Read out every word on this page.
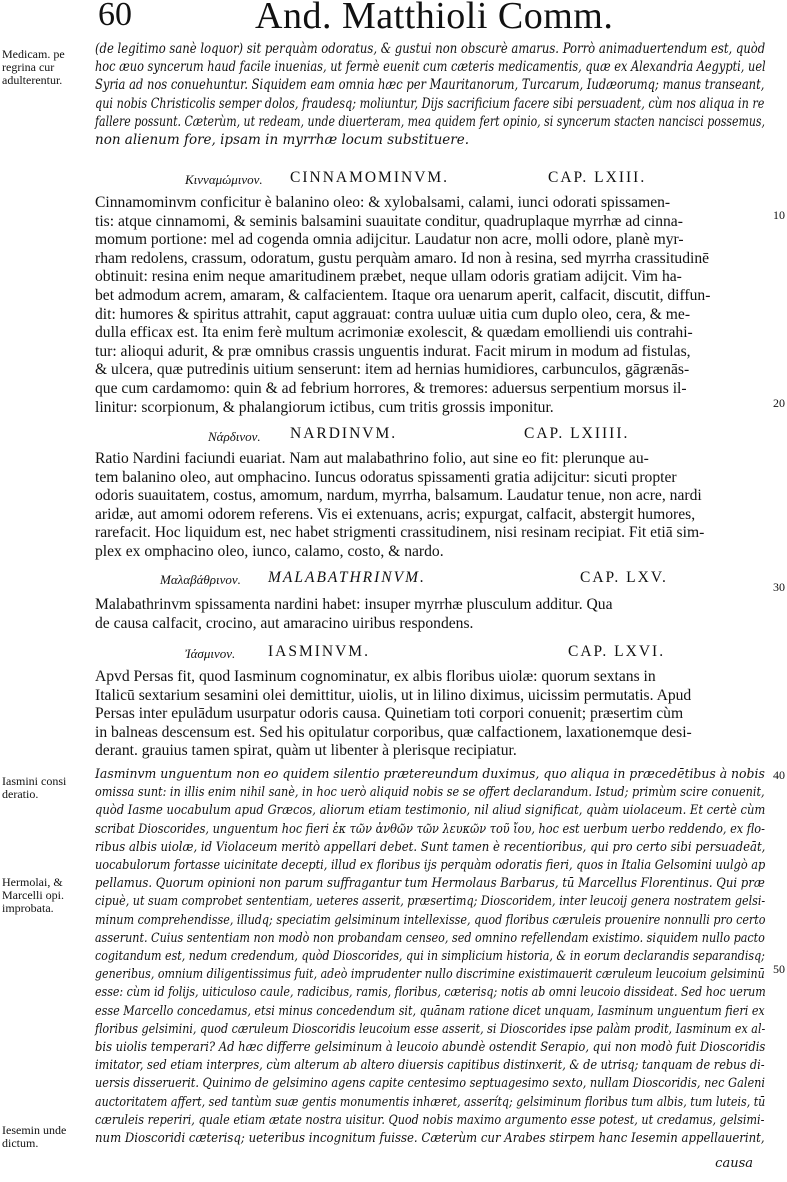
60	And. Matthioli Comm.
Medicam. pe regrina cur adulterentur.
Iasmini consi deratio.
Hermolai, & Marcelli opi. improbata.
Iesemin unde dictum.
10
20
30
40
50
(de legitimo sanè loquor) sit perquàm odoratus, & gustui non obscurè amarus. Porrò animaduertendum est, quòd
hoc æuo syncerum haud facile inuenias, ut fermè euenit cum cæteris medicamentis, quæ ex Alexandria Aegypti, uel
Syria ad nos conuehuntur. Siquidem eam omnia hæc per Mauritanorum, Turcarum, Iudæorumq; manus transeant,
qui nobis Christicolis semper dolos, fraudesq; moliuntur, Dijs sacrificium facere sibi persuadent, cùm nos aliqua in re
fallere possunt. Cæterùm, ut redeam, unde diuerteram, mea quidem fert opinio, si syncerum stacten nancisci possemus,
non alienum fore, ipsam in myrrhæ locum substituere.
Κινναμώμινον. CINNAMOMINVM.	CAP. LXIII.
Cinnamominvm conficitur è balanino oleo: & xylobalsami, calami, iunci odorati spissamen-
tis: atque cinnamomi, & seminis balsamini suauitate conditur, quadruplaque myrrhæ ad cinna-
momum portione: mel ad cogenda omnia adijcitur. Laudatur non acre, molli odore, planè myr-
rham redolens, crassum, odoratum, gustu perquàm amaro. Id non à resina, sed myrrha crassitudinē
obtinuit: resina enim neque amaritudinem præbet, neque ullam odoris gratiam adijcit. Vim ha-
bet admodum acrem, amaram, & calfacientem. Itaque ora uenarum aperit, calfacit, discutit, diffun-
dit: humores & spiritus attrahit, caput aggrauat: contra uuluæ uitia cum duplo oleo, cera, & me-
dulla efficax est. Ita enim ferè multum acrimoniæ exolescit, & quædam emolliendi uis contrahi-
tur: alioqui adurit, & præ omnibus crassis unguentis indurat. Facit mirum in modum ad fistulas,
& ulcera, quæ putredinis uitium senserunt: item ad hernias humidiores, carbunculos, gāgrænās-
que cum cardamomo: quin & ad febrium horrores, & tremores: aduersus serpentium morsus il-
linitur: scorpionum, & phalangiorum ictibus, cum tritis grossis imponitur.
Νάρδινον. NARDINVM.	CAP. LXIIII.
Ratio Nardini faciundi euariat. Nam aut malabathrino folio, aut sine eo fit: plerunque au-
tem balanino oleo, aut omphacino. Iuncus odoratus spissamenti gratia adijcitur: sicuti propter
odoris suauitatem, costus, amomum, nardum, myrrha, balsamum. Laudatur tenue, non acre, nardi
aridæ, aut amomi odorem referens. Vis ei extenuans, acris; expurgat, calfacit, abstergit humores,
rarefacit. Hoc liquidum est, nec habet strigmenti crassitudinem, nisi resinam recipiat. Fit etiā sim-
plex ex omphacino oleo, iunco, calamo, costo, & nardo.
Μαλαβάθρινον. MALABATHRINVM.	CAP. LXV.
Malabathrinvm spissamenta nardini habet: insuper myrrhæ plusculum additur. Qua
de causa calfacit, crocino, aut amaracino uiribus respondens.
Ἰάσμινον. IASMINVM.	CAP. LXVI.
Apvd Persas fit, quod Iasminum cognominatur, ex albis floribus uiolæ: quorum sextans in
Italicū sextarium sesamini olei demittitur, uiolis, ut in lilino diximus, uicissim permutatis. Apud
Persas inter epulādum usurpatur odoris causa. Quinetiam toti corpori conuenit; præsertim cùm
in balneas descensum est. Sed his opitulatur corporibus, quæ calfactionem, laxationemque desi-
derant. grauius tamen spirat, quàm ut libenter à plerisque recipiatur.
Iasminvm unguentum non eo quidem silentio prætereundum duximus, quo aliqua in præcedētibus à nobis
omissa sunt: in illis enim nihil sanè, in hoc uerò aliquid nobis se se offert declarandum. Istud; primùm scire conuenit,
quòd Iasme uocabulum apud Græcos, aliorum etiam testimonio, nil aliud significat, quàm uiolaceum. Et certè cùm
scribat Dioscorides, unguentum hoc fieri ἐκ τῶν ἀνθῶν τῶν λευκῶν τοῦ ἴου, hoc est uerbum uerbo reddendo, ex flo-
ribus albis uiolæ, id Violaceum meritò appellari debet. Sunt tamen è recentioribus, qui pro certo sibi persuadeāt,
uocabulorum fortasse uicinitate decepti, illud ex floribus ijs perquàm odoratis fieri, quos in Italia Gelsomini uulgò ap
pellamus. Quorum opinioni non parum suffragantur tum Hermolaus Barbarus, tū Marcellus Florentinus. Qui præ
cipuè, ut suam comprobet sententiam, ueteres asserit, præsertimq; Dioscoridem, inter leucoij genera nostratem gelsi-
minum comprehendisse, illudq; speciatim gelsiminum intellexisse, quod floribus cæruleis prouenire nonnulli pro certo
asserunt. Cuius sententiam non modò non probandam censeo, sed omnino refellendam existimo. siquidem nullo pacto
cogitandum est, nedum credendum, quòd Dioscorides, qui in simplicium historia, & in eorum declarandis separandisq;
generibus, omnium diligentissimus fuit, adeò imprudenter nullo discrimine existimauerit cæruleum leucoium gelsiminū
esse: cùm id folijs, uiticuloso caule, radicibus, ramis, floribus, cæterisq; notis ab omni leucoio dissideat. Sed hoc uerum
esse Marcello concedamus, etsi minus concedendum sit, quānam ratione dicet unquam, Iasminum unguentum fieri ex
floribus gelsimini, quod cæruleum Dioscoridis leucoium esse asserit, si Dioscorides ipse palàm prodit, Iasminum ex al-
bis uiolis temperari? Ad hæc differre gelsiminum à leucoio abundè ostendit Serapio, qui non modò fuit Dioscoridis
imitator, sed etiam interpres, cùm alterum ab altero diuersis capitibus distinxerit, & de utrisq; tanquam de rebus di-
uersis disseruerit. Quinimo de gelsimino agens capite centesimo septuagesimo sexto, nullam Dioscoridis, nec Galeni
auctoritatem affert, sed tantùm suæ gentis monumentis inhæret, asserítq; gelsiminum floribus tum albis, tum luteis, tū
cæruleis reperiri, quale etiam ætate nostra uisitur. Quod nobis maximo argumento esse potest, ut credamus, gelsimi-
num Dioscoridi cæterisq; ueteribus incognitum fuisse. Cæterùm cur Arabes stirpem hanc Iesemin appellauerint,
causa
